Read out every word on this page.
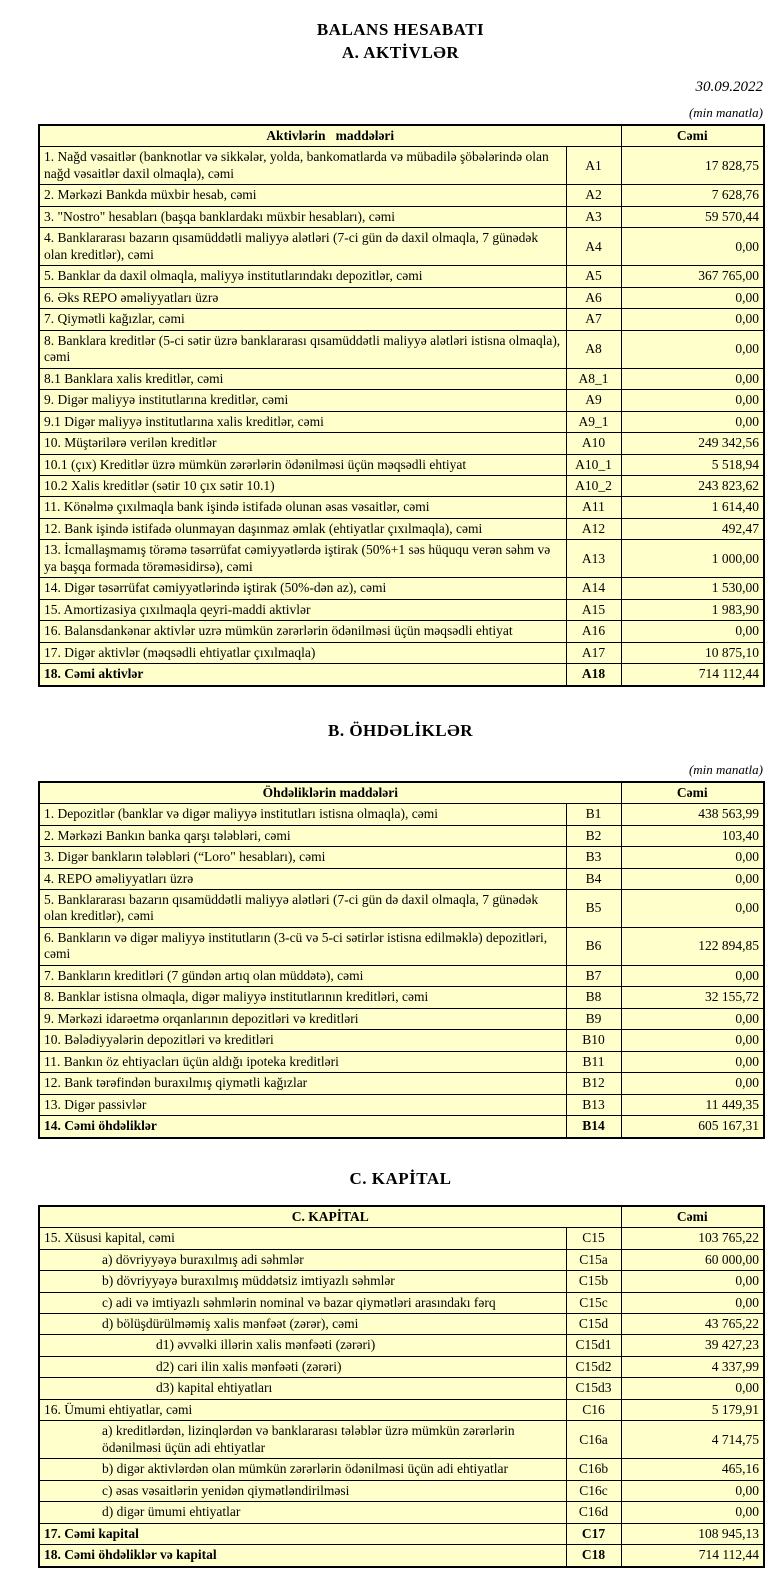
BALANS HESABATI
A. AKTİVLƏR
30.09.2022
(min manatla)
Aktivlərin   maddələri		Cəmi
1. Nağd vəsaitlər (banknotlar və sikkələr, yolda, bankomatlarda və mübadilə şöbələrində olan nağd vəsaitlər daxil olmaqla), cəmi	A1	17 828,75
2. Mərkəzi Bankda müxbir hesab, cəmi	A2	7 628,76
3. "Nostro" hesabları (başqa banklardakı müxbir hesabları), cəmi	A3	59 570,44
4. Banklararası bazarın qısamüddətli maliyyə alətləri (7-ci gün də daxil olmaqla, 7 günədək olan kreditlər), cəmi	A4	0,00
5. Banklar da daxil olmaqla, maliyyə institutlarındakı depozitlər, cəmi	A5	367 765,00
6. Əks REPO əməliyyatları üzrə	A6	0,00
7. Qiymətli kağızlar, cəmi	A7	0,00
8. Banklara kreditlər (5-ci sətir üzrə banklararası qısamüddətli maliyyə alətləri istisna olmaqla), cəmi	A8	0,00
8.1 Banklara xalis kreditlər, cəmi	A8_1	0,00
9. Digər maliyyə institutlarına kreditlər, cəmi	A9	0,00
9.1 Digər maliyyə institutlarına xalis kreditlər, cəmi	A9_1	0,00
10. Müştərilərə verilən kreditlər	A10	249 342,56
10.1 (çıx) Kreditlər üzrə mümkün zərərlərin ödənilməsi üçün məqsədli ehtiyat	A10_1	5 518,94
10.2 Xalis kreditlər (sətir 10 çıx sətir 10.1)	A10_2	243 823,62
11. Könəlmə çıxılmaqla bank işində istifadə olunan əsas vəsaitlər, cəmi	A11	1 614,40
12. Bank işində istifadə olunmayan daşınmaz əmlak (ehtiyatlar çıxılmaqla), cəmi	A12	492,47
13. İcmallaşmamış törəmə təsərrüfat cəmiyyətlərdə iştirak (50%+1 səs hüququ verən səhm və ya başqa formada törəməsidirsə), cəmi	A13	1 000,00
14. Digər təsərrüfat cəmiyyətlərində iştirak (50%-dən az), cəmi	A14	1 530,00
15. Amortizasiya çıxılmaqla qeyri-maddi aktivlər	A15	1 983,90
16. Balansdankənar aktivlər uzrə mümkün zərərlərin ödənilməsi üçün məqsədli ehtiyat	A16	0,00
17. Digər aktivlər (məqsədli ehtiyatlar çıxılmaqla)	A17	10 875,10
18. Cəmi aktivlər	A18	714 112,44
B. ÖHDƏLİKLƏR
(min manatla)
Öhdəliklərin maddələri		Cəmi
1. Depozitlər (banklar və digər maliyyə institutları istisna olmaqla), cəmi	B1	438 563,99
2. Mərkəzi Bankın banka qarşı tələbləri, cəmi	B2	103,40
3. Digər bankların tələbləri (“Loro" hesabları), cəmi	B3	0,00
4. REPO əməliyyatları üzrə	B4	0,00
5. Banklararası bazarın qısamüddətli maliyyə alətləri (7-ci gün də daxil olmaqla, 7 günədək olan kreditlər), cəmi	B5	0,00
6. Bankların və digər maliyyə institutların (3-cü və 5-ci sətirlər istisna edilməklə) depozitləri, cəmi	B6	122 894,85
7. Bankların kreditləri (7 gündən artıq olan müddətə), cəmi	B7	0,00
8. Banklar istisna olmaqla, digər maliyyə institutlarının kreditləri, cəmi	B8	32 155,72
9. Mərkəzi idarəetmə orqanlarının depozitləri və kreditləri	B9	0,00
10. Bələdiyyələrin depozitləri və kreditləri	B10	0,00
11. Bankın öz ehtiyacları üçün aldığı ipoteka kreditləri	B11	0,00
12. Bank tərəfindən buraxılmış qiymətli kağızlar	B12	0,00
13. Digər passivlər	B13	11 449,35
14. Cəmi öhdəliklər	B14	605 167,31
C. KAPİTAL
C. KAPİTAL		Cəmi
15. Xüsusi kapital, cəmi	C15	103 765,22
a) dövriyyəyə buraxılmış adi səhmlər	C15a	60 000,00
b) dövriyyəyə buraxılmış müddətsiz imtiyazlı səhmlər	C15b	0,00
c) adi və imtiyazlı səhmlərin nominal və bazar qiymətləri arasındakı fərq	C15c	0,00
d) bölüşdürülməmiş xalis mənfəət (zərər), cəmi	C15d	43 765,22
d1) əvvəlki illərin xalis mənfəəti (zərəri)	C15d1	39 427,23
d2) cari ilin xalis mənfəəti (zərəri)	C15d2	4 337,99
d3) kapital ehtiyatları	C15d3	0,00
16. Ümumi ehtiyatlar, cəmi	C16	5 179,91
a) kreditlərdən, lizinqlərdən və banklararası tələblər üzrə mümkün zərərlərin ödənilməsi üçün adi ehtiyatlar	C16a	4 714,75
b) digər aktivlərdən olan mümkün zərərlərin ödənilməsi üçün adi ehtiyatlar	C16b	465,16
c) əsas vəsaitlərin yenidən qiymətləndirilməsi	C16c	0,00
d) digər ümumi ehtiyatlar	C16d	0,00
17. Cəmi kapital	C17	108 945,13
18. Cəmi öhdəliklər və kapital	C18	714 112,44
